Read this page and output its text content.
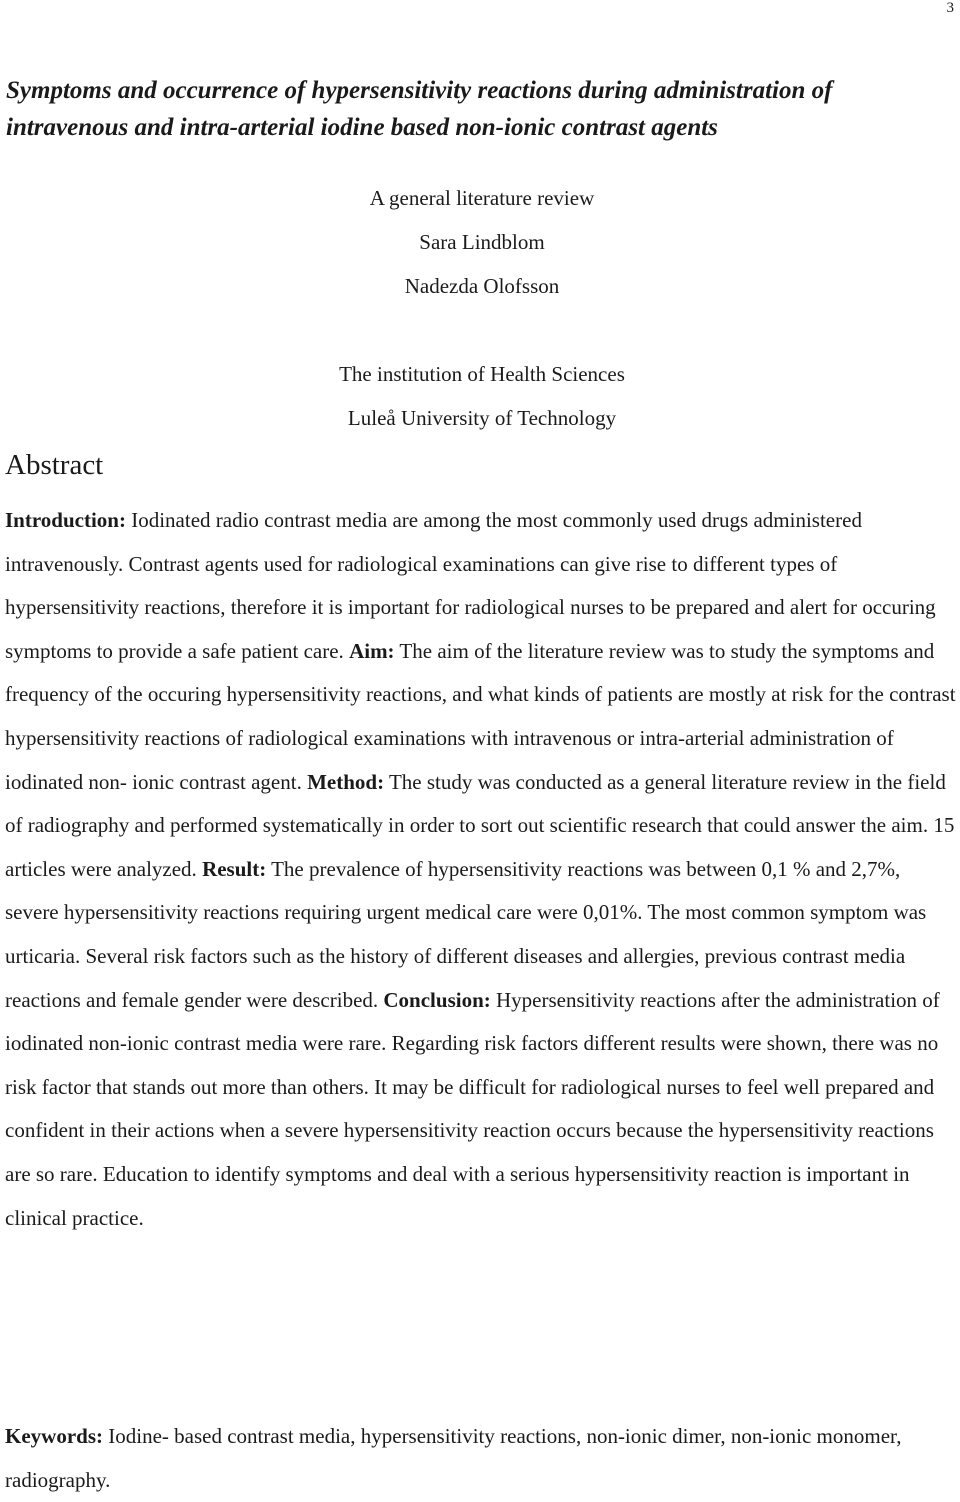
3
Symptoms and occurrence of hypersensitivity reactions during administration of intravenous and intra-arterial iodine based non-ionic contrast agents
A general literature review
Sara Lindblom
Nadezda Olofsson
The institution of Health Sciences
Luleå University of Technology
Abstract

Introduction: Iodinated radio contrast media are among the most commonly used drugs administered intravenously. Contrast agents used for radiological examinations can give rise to different types of hypersensitivity reactions, therefore it is important for radiological nurses to be prepared and alert for occuring symptoms to provide a safe patient care. Aim: The aim of the literature review was to study the symptoms and frequency of the occuring hypersensitivity reactions, and what kinds of patients are mostly at risk for the contrast hypersensitivity reactions of radiological examinations with intravenous or intra-arterial administration of iodinated non- ionic contrast agent. Method: The study was conducted as a general literature review in the field of radiography and performed systematically in order to sort out scientific research that could answer the aim. 15 articles were analyzed. Result: The prevalence of hypersensitivity reactions was between 0,1 % and 2,7%, severe hypersensitivity reactions requiring urgent medical care were 0,01%. The most common symptom was urticaria. Several risk factors such as the history of different diseases and allergies, previous contrast media reactions and female gender were described. Conclusion: Hypersensitivity reactions after the administration of iodinated non-ionic contrast media were rare. Regarding risk factors different results were shown, there was no risk factor that stands out more than others. It may be difficult for radiological nurses to feel well prepared and confident in their actions when a severe hypersensitivity reaction occurs because the hypersensitivity reactions are so rare. Education to identify symptoms and deal with a serious hypersensitivity reaction is important in clinical practice.

Keywords: Iodine- based contrast media, hypersensitivity reactions, non-ionic dimer, non-ionic monomer, radiography.
